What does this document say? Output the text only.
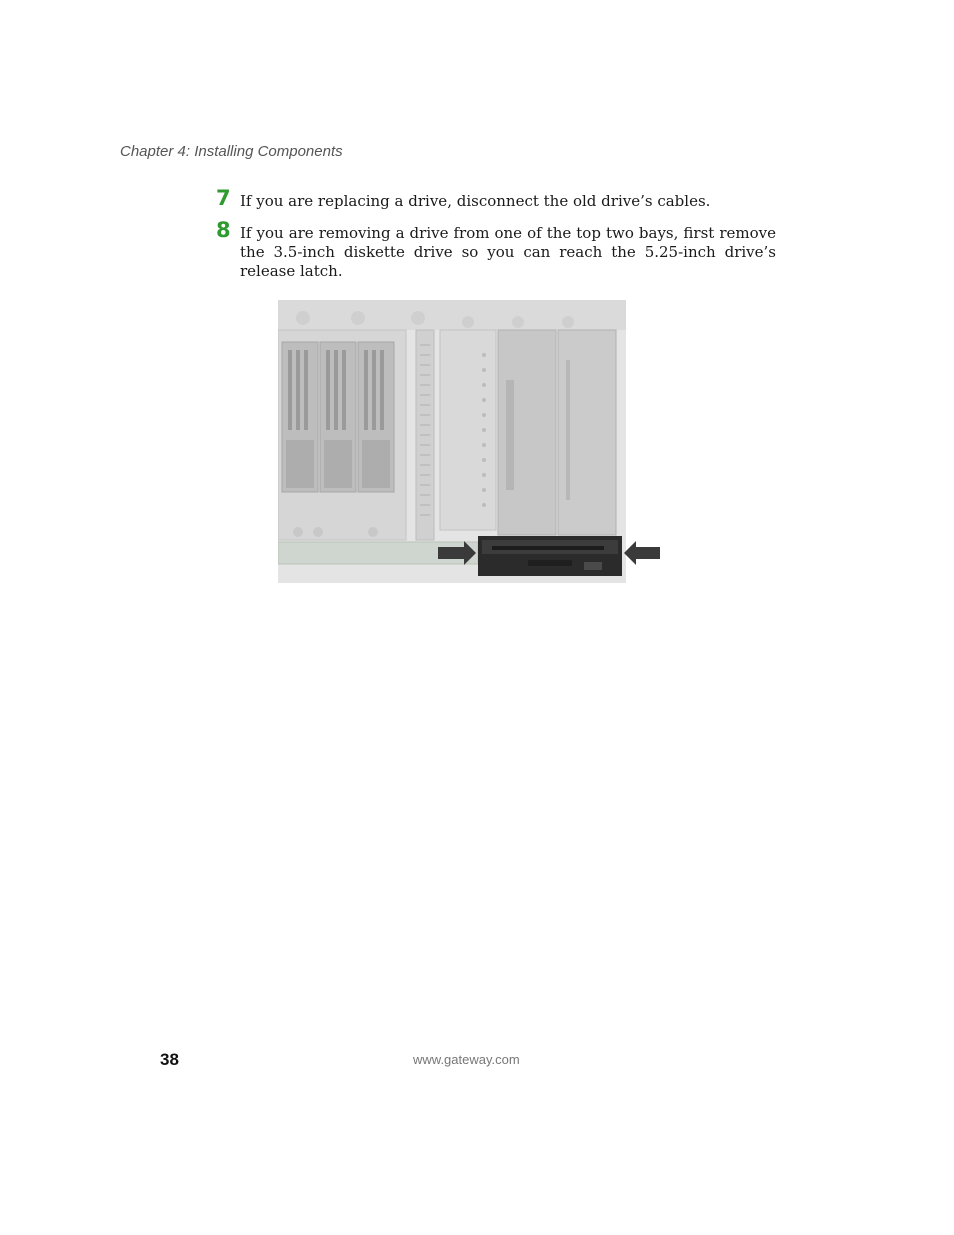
Chapter 4: Installing Components
7 If you are replacing a drive, disconnect the old drive’s cables.
8 If you are removing a drive from one of the top two bays, first remove the 3.5-inch diskette drive so you can reach the 5.25-inch drive’s release latch.
38	www.gateway.com
